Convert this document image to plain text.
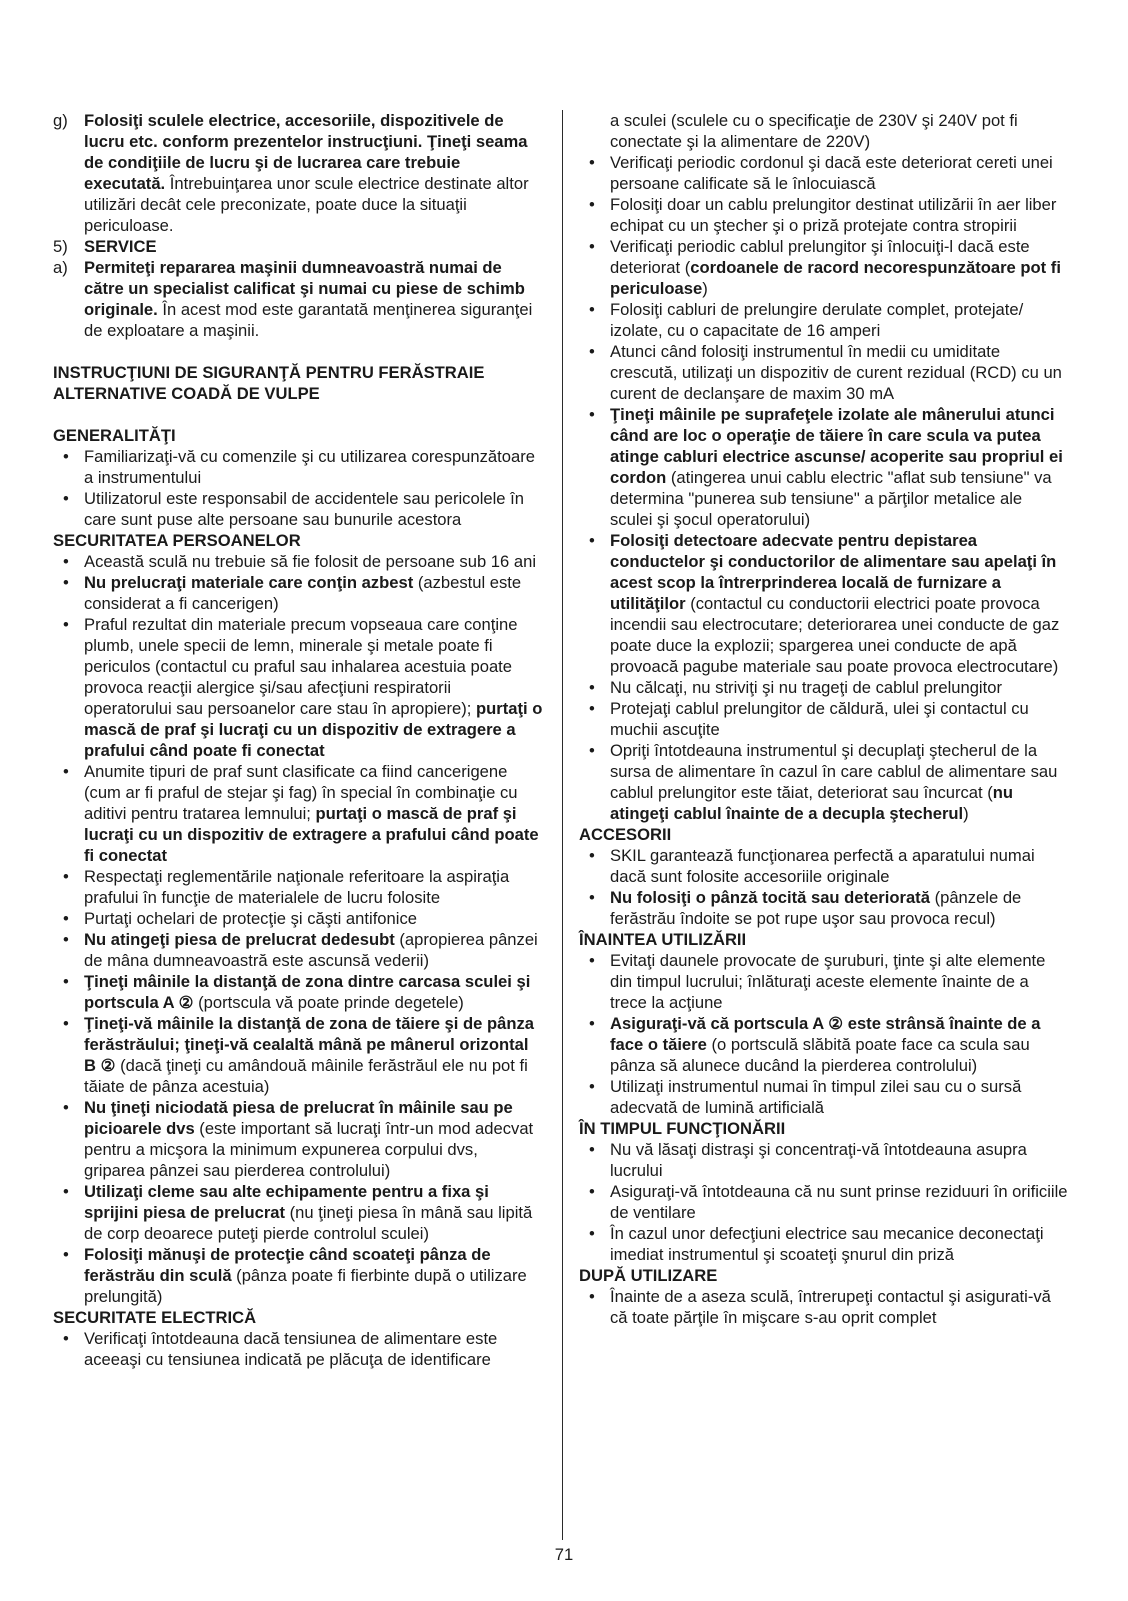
g) Folosiţi sculele electrice, accesoriile, dispozitivele de lucru etc. conform prezentelor instrucţiuni. Ţineţi seama de condiţiile de lucru şi de lucrarea care trebuie executată. Întrebuinţarea unor scule electrice destinate altor utilizări decât cele preconizate, poate duce la situaţii periculoase.
5) SERVICE
a) Permiteţi repararea maşinii dumneavoastră numai de către un specialist calificat şi numai cu piese de schimb originale. În acest mod este garantată menţinerea siguranţei de exploatare a maşinii.
INSTRUCŢIUNI DE SIGURANŢĂ PENTRU FERĂSTRAIE ALTERNATIVE COADĂ DE VULPE
GENERALITĂŢI
• Familiarizaţi-vă cu comenzile şi cu utilizarea corespunzătoare a instrumentului
• Utilizatorul este responsabil de accidentele sau pericolele în care sunt puse alte persoane sau bunurile acestora
SECURITATEA PERSOANELOR
• Această sculă nu trebuie să fie folosit de persoane sub 16 ani
• Nu prelucraţi materiale care conţin azbest (azbestul este considerat a fi cancerigen)
• Praful rezultat din materiale precum vopseaua care conţine plumb, unele specii de lemn, minerale şi metale poate fi periculos (contactul cu praful sau inhalarea acestuia poate provoca reacţii alergice şi/sau afecţiuni respiratorii operatorului sau persoanelor care stau în apropiere); purtaţi o mască de praf şi lucraţi cu un dispozitiv de extragere a prafului când poate fi conectat
• Anumite tipuri de praf sunt clasificate ca fiind cancerigene (cum ar fi praful de stejar şi fag) în special în combinaţie cu aditivi pentru tratarea lemnului; purtaţi o mască de praf şi lucraţi cu un dispozitiv de extragere a prafului când poate fi conectat
• Respectaţi reglementările naţionale referitoare la aspiraţia prafului în funcţie de materialele de lucru folosite
• Purtaţi ochelari de protecţie şi căşti antifonice
• Nu atingeţi piesa de prelucrat dedesubt (apropierea pânzei de mâna dumneavoastră este ascunsă vederii)
• Ţineţi mâinile la distanţă de zona dintre carcasa sculei şi portscula A ② (portscula vă poate prinde degetele)
• Ţineţi-vă mâinile la distanţă de zona de tăiere şi de pânza ferăstrăului; ţineţi-vă cealaltă mână pe mânerul orizontal B ② (dacă ţineţi cu amândouă mâinile ferăstrăul ele nu pot fi tăiate de pânza acestuia)
• Nu ţineţi niciodată piesa de prelucrat în mâinile sau pe picioarele dvs (este important să lucraţi într-un mod adecvat pentru a micşora la minimum expunerea corpului dvs, griparea pânzei sau pierderea controlului)
• Utilizaţi cleme sau alte echipamente pentru a fixa şi sprijini piesa de prelucrat (nu ţineţi piesa în mână sau lipită de corp deoarece puteţi pierde controlul sculei)
• Folosiţi mănuşi de protecţie când scoateţi pânza de ferăstrău din sculă (pânza poate fi fierbinte după o utilizare prelungită)
SECURITATE ELECTRICĂ
• Verificaţi întotdeauna dacă tensiunea de alimentare este aceeaşi cu tensiunea indicată pe plăcuţa de identificare
a sculei (sculele cu o specificaţie de 230V şi 240V pot fi conectate şi la alimentare de 220V)
• Verificaţi periodic cordonul şi dacă este deteriorat cereti unei persoane calificate să le înlocuiască
• Folosiţi doar un cablu prelungitor destinat utilizării în aer liber echipat cu un ştecher şi o priză protejate contra stropirii
• Verificaţi periodic cablul prelungitor şi înlocuiţi-l dacă este deteriorat (cordoanele de racord necorespunzătoare pot fi periculoase)
• Folosiţi cabluri de prelungire derulate complet, protejate/ izolate, cu o capacitate de 16 amperi
• Atunci când folosiţi instrumentul în medii cu umiditate crescută, utilizaţi un dispozitiv de curent rezidual (RCD) cu un curent de declanşare de maxim 30 mA
• Ţineţi mâinile pe suprafeţele izolate ale mânerului atunci când are loc o operaţie de tăiere în care scula va putea atinge cabluri electrice ascunse/ acoperite sau propriul ei cordon (atingerea unui cablu electric "aflat sub tensiune" va determina "punerea sub tensiune" a părţilor metalice ale sculei şi şocul operatorului)
• Folosiţi detectoare adecvate pentru depistarea conductelor şi conductorilor de alimentare sau apelaţi în acest scop la întrerprinderea locală de furnizare a utilităţilor (contactul cu conductorii electrici poate provoca incendii sau electrocutare; deteriorarea unei conducte de gaz poate duce la explozii; spargerea unei conducte de apă provoacă pagube materiale sau poate provoca electrocutare)
• Nu călcaţi, nu striviţi şi nu trageţi de cablul prelungitor
• Protejaţi cablul prelungitor de căldură, ulei şi contactul cu muchii ascuţite
• Opriţi întotdeauna instrumentul şi decuplaţi ştecherul de la sursa de alimentare în cazul în care cablul de alimentare sau cablul prelungitor este tăiat, deteriorat sau încurcat (nu atingeţi cablul înainte de a decupla ştecherul)
ACCESORII
• SKIL garantează funcţionarea perfectă a aparatului numai dacă sunt folosite accesoriile originale
• Nu folosiţi o pânză tocită sau deteriorată (pânzele de ferăstrău îndoite se pot rupe uşor sau provoca recul)
ÎNAINTEA UTILIZĂRII
• Evitaţi daunele provocate de şuruburi, ţinte şi alte elemente din timpul lucrului; înlăturaţi aceste elemente înainte de a trece la acţiune
• Asiguraţi-vă că portscula A ② este strânsă înainte de a face o tăiere (o portsculă slăbită poate face ca scula sau pânza să alunece ducând la pierderea controlului)
• Utilizaţi instrumentul numai în timpul zilei sau cu o sursă adecvată de lumină artificială
ÎN TIMPUL FUNCŢIONĂRII
• Nu vă lăsaţi distraşi şi concentraţi-vă întotdeauna asupra lucrului
• Asiguraţi-vă întotdeauna că nu sunt prinse reziduuri în orificiile de ventilare
• În cazul unor defecţiuni electrice sau mecanice deconectaţi imediat instrumentul şi scoateţi şnurul din priză
DUPĂ UTILIZARE
• Înainte de a aseza sculă, întrerupeţi contactul şi asigurati-vă că toate părţile în mişcare s-au oprit complet
71
